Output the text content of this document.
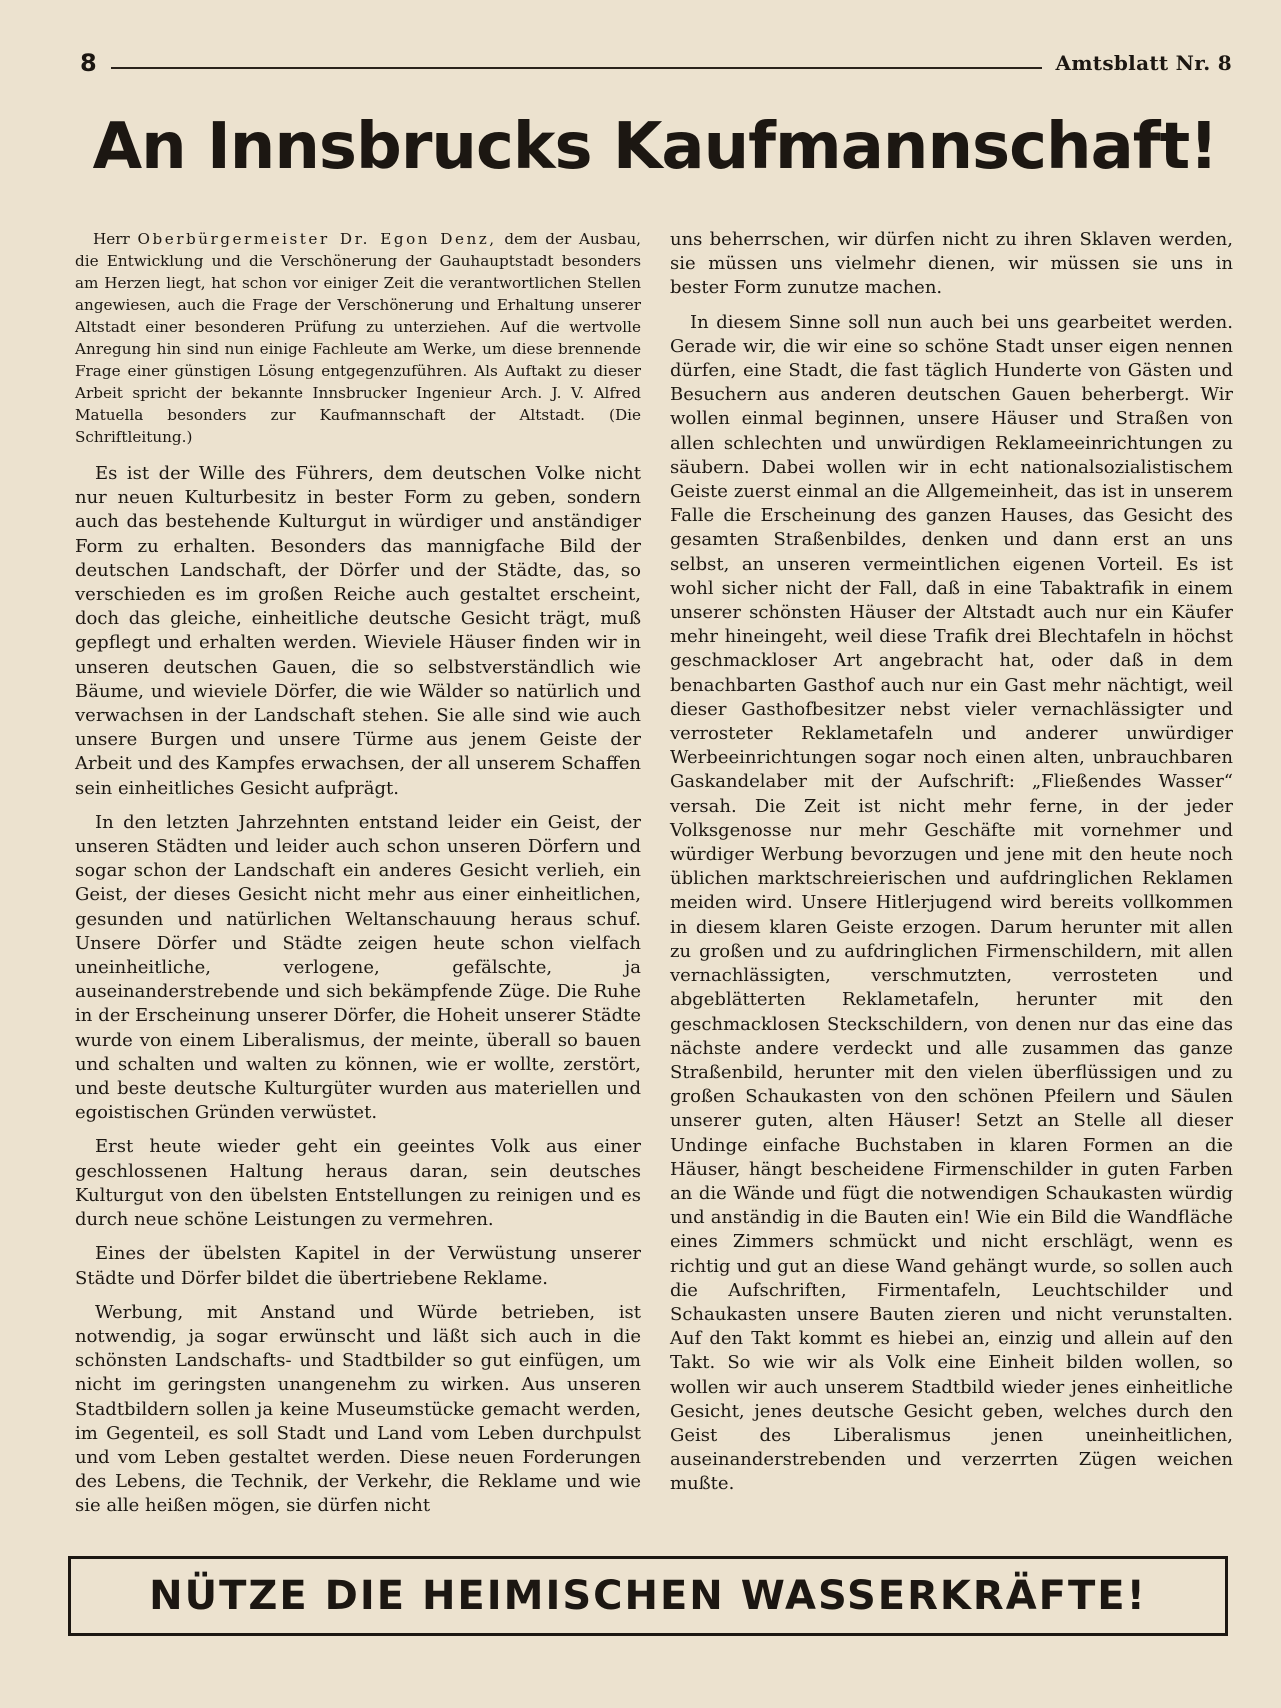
8	Amtsblatt Nr. 8
An Innsbrucks Kaufmannschaft!

Herr Oberbürgermeister Dr. Egon Denz, dem der Ausbau, die Entwicklung und die Verschönerung der Gauhauptstadt besonders am Herzen liegt, hat schon vor einiger Zeit die verantwortlichen Stellen angewiesen, auch die Frage der Verschönerung und Erhaltung unserer Altstadt einer besonderen Prüfung zu unterziehen. Auf die wertvolle Anregung hin sind nun einige Fachleute am Werke, um diese brennende Frage einer günstigen Lösung entgegenzuführen. Als Auftakt zu dieser Arbeit spricht der bekannte Innsbrucker Ingenieur Arch. J. V. Alfred Matuella besonders zur Kaufmannschaft der Altstadt. (Die Schriftleitung.)

Es ist der Wille des Führers, dem deutschen Volke nicht nur neuen Kulturbesitz in bester Form zu geben, sondern auch das bestehende Kulturgut in würdiger und anständiger Form zu erhalten. Besonders das mannigfache Bild der deutschen Landschaft, der Dörfer und der Städte, das, so verschieden es im großen Reiche auch gestaltet erscheint, doch das gleiche, einheitliche deutsche Gesicht trägt, muß gepflegt und erhalten werden. Wieviele Häuser finden wir in unseren deutschen Gauen, die so selbstverständlich wie Bäume, und wieviele Dörfer, die wie Wälder so natürlich und verwachsen in der Landschaft stehen. Sie alle sind wie auch unsere Burgen und unsere Türme aus jenem Geiste der Arbeit und des Kampfes erwachsen, der all unserem Schaffen sein einheitliches Gesicht aufprägt.

In den letzten Jahrzehnten entstand leider ein Geist, der unseren Städten und leider auch schon unseren Dörfern und sogar schon der Landschaft ein anderes Gesicht verlieh, ein Geist, der dieses Gesicht nicht mehr aus einer einheitlichen, gesunden und natürlichen Weltanschauung heraus schuf. Unsere Dörfer und Städte zeigen heute schon vielfach uneinheitliche, verlogene, gefälschte, ja auseinanderstrebende und sich bekämpfende Züge. Die Ruhe in der Erscheinung unserer Dörfer, die Hoheit unserer Städte wurde von einem Liberalismus, der meinte, überall so bauen und schalten und walten zu können, wie er wollte, zerstört, und beste deutsche Kulturgüter wurden aus materiellen und egoistischen Gründen verwüstet.

Erst heute wieder geht ein geeintes Volk aus einer geschlossenen Haltung heraus daran, sein deutsches Kulturgut von den übelsten Entstellungen zu reinigen und es durch neue schöne Leistungen zu vermehren.

Eines der übelsten Kapitel in der Verwüstung unserer Städte und Dörfer bildet die übertriebene Reklame.

Werbung, mit Anstand und Würde betrieben, ist notwendig, ja sogar erwünscht und läßt sich auch in die schönsten Landschafts- und Stadtbilder so gut einfügen, um nicht im geringsten unangenehm zu wirken. Aus unseren Stadtbildern sollen ja keine Museumstücke gemacht werden, im Gegenteil, es soll Stadt und Land vom Leben durchpulst und vom Leben gestaltet werden. Diese neuen Forderungen des Lebens, die Technik, der Verkehr, die Reklame und wie sie alle heißen mögen, sie dürfen nicht

uns beherrschen, wir dürfen nicht zu ihren Sklaven werden, sie müssen uns vielmehr dienen, wir müssen sie uns in bester Form zunutze machen.

In diesem Sinne soll nun auch bei uns gearbeitet werden. Gerade wir, die wir eine so schöne Stadt unser eigen nennen dürfen, eine Stadt, die fast täglich Hunderte von Gästen und Besuchern aus anderen deutschen Gauen beherbergt. Wir wollen einmal beginnen, unsere Häuser und Straßen von allen schlechten und unwürdigen Reklameeinrichtungen zu säubern. Dabei wollen wir in echt nationalsozialistischem Geiste zuerst einmal an die Allgemeinheit, das ist in unserem Falle die Erscheinung des ganzen Hauses, das Gesicht des gesamten Straßenbildes, denken und dann erst an uns selbst, an unseren vermeintlichen eigenen Vorteil. Es ist wohl sicher nicht der Fall, daß in eine Tabaktrafik in einem unserer schönsten Häuser der Altstadt auch nur ein Käufer mehr hineingeht, weil diese Trafik drei Blechtafeln in höchst geschmackloser Art angebracht hat, oder daß in dem benachbarten Gasthof auch nur ein Gast mehr nächtigt, weil dieser Gasthofbesitzer nebst vieler vernachlässigter und verrosteter Reklametafeln und anderer unwürdiger Werbeeinrichtungen sogar noch einen alten, unbrauchbaren Gaskandelaber mit der Aufschrift: „Fließendes Wasser“ versah. Die Zeit ist nicht mehr ferne, in der jeder Volksgenosse nur mehr Geschäfte mit vornehmer und würdiger Werbung bevorzugen und jene mit den heute noch üblichen marktschreierischen und aufdringlichen Reklamen meiden wird. Unsere Hitlerjugend wird bereits vollkommen in diesem klaren Geiste erzogen. Darum herunter mit allen zu großen und zu aufdringlichen Firmenschildern, mit allen vernachlässigten, verschmutzten, verrosteten und abgeblätterten Reklametafeln, herunter mit den geschmacklosen Steckschildern, von denen nur das eine das nächste andere verdeckt und alle zusammen das ganze Straßenbild, herunter mit den vielen überflüssigen und zu großen Schaukasten von den schönen Pfeilern und Säulen unserer guten, alten Häuser! Setzt an Stelle all dieser Undinge einfache Buchstaben in klaren Formen an die Häuser, hängt bescheidene Firmenschilder in guten Farben an die Wände und fügt die notwendigen Schaukasten würdig und anständig in die Bauten ein! Wie ein Bild die Wandfläche eines Zimmers schmückt und nicht erschlägt, wenn es richtig und gut an diese Wand gehängt wurde, so sollen auch die Aufschriften, Firmentafeln, Leuchtschilder und Schaukasten unsere Bauten zieren und nicht verunstalten. Auf den Takt kommt es hiebei an, einzig und allein auf den Takt. So wie wir als Volk eine Einheit bilden wollen, so wollen wir auch unserem Stadtbild wieder jenes einheitliche Gesicht, jenes deutsche Gesicht geben, welches durch den Geist des Liberalismus jenen uneinheitlichen, auseinanderstrebenden und verzerrten Zügen weichen mußte.

NÜTZE DIE HEIMISCHEN WASSERKRÄFTE!
